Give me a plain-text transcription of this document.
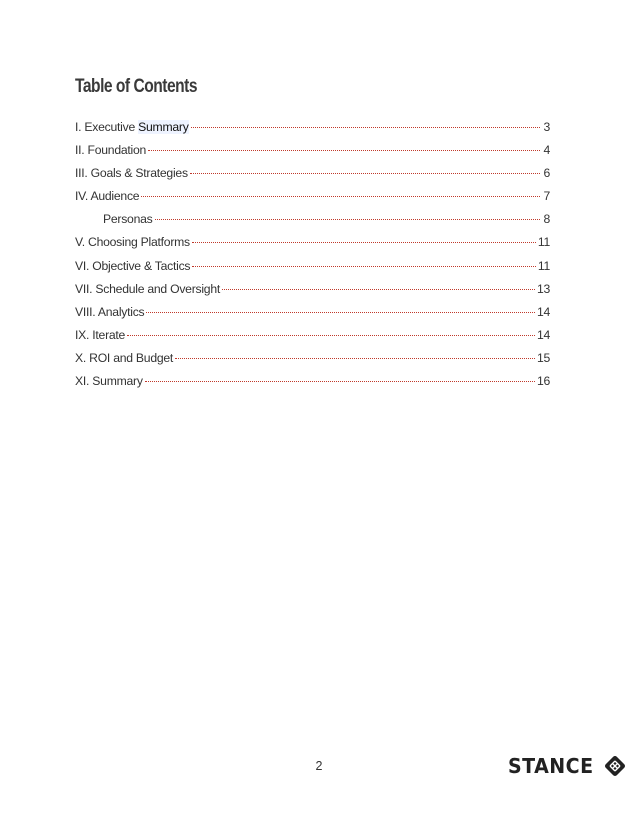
Table of Contents
I. Executive Summary	3
II. Foundation	4
III. Goals & Strategies	6
IV. Audience	7
Personas	8
V. Choosing Platforms	11
VI. Objective & Tactics	11
VII. Schedule and Oversight	13
VIII. Analytics	14
IX. Iterate	14
X. ROI and Budget	15
XI. Summary	16
2	STANCE
